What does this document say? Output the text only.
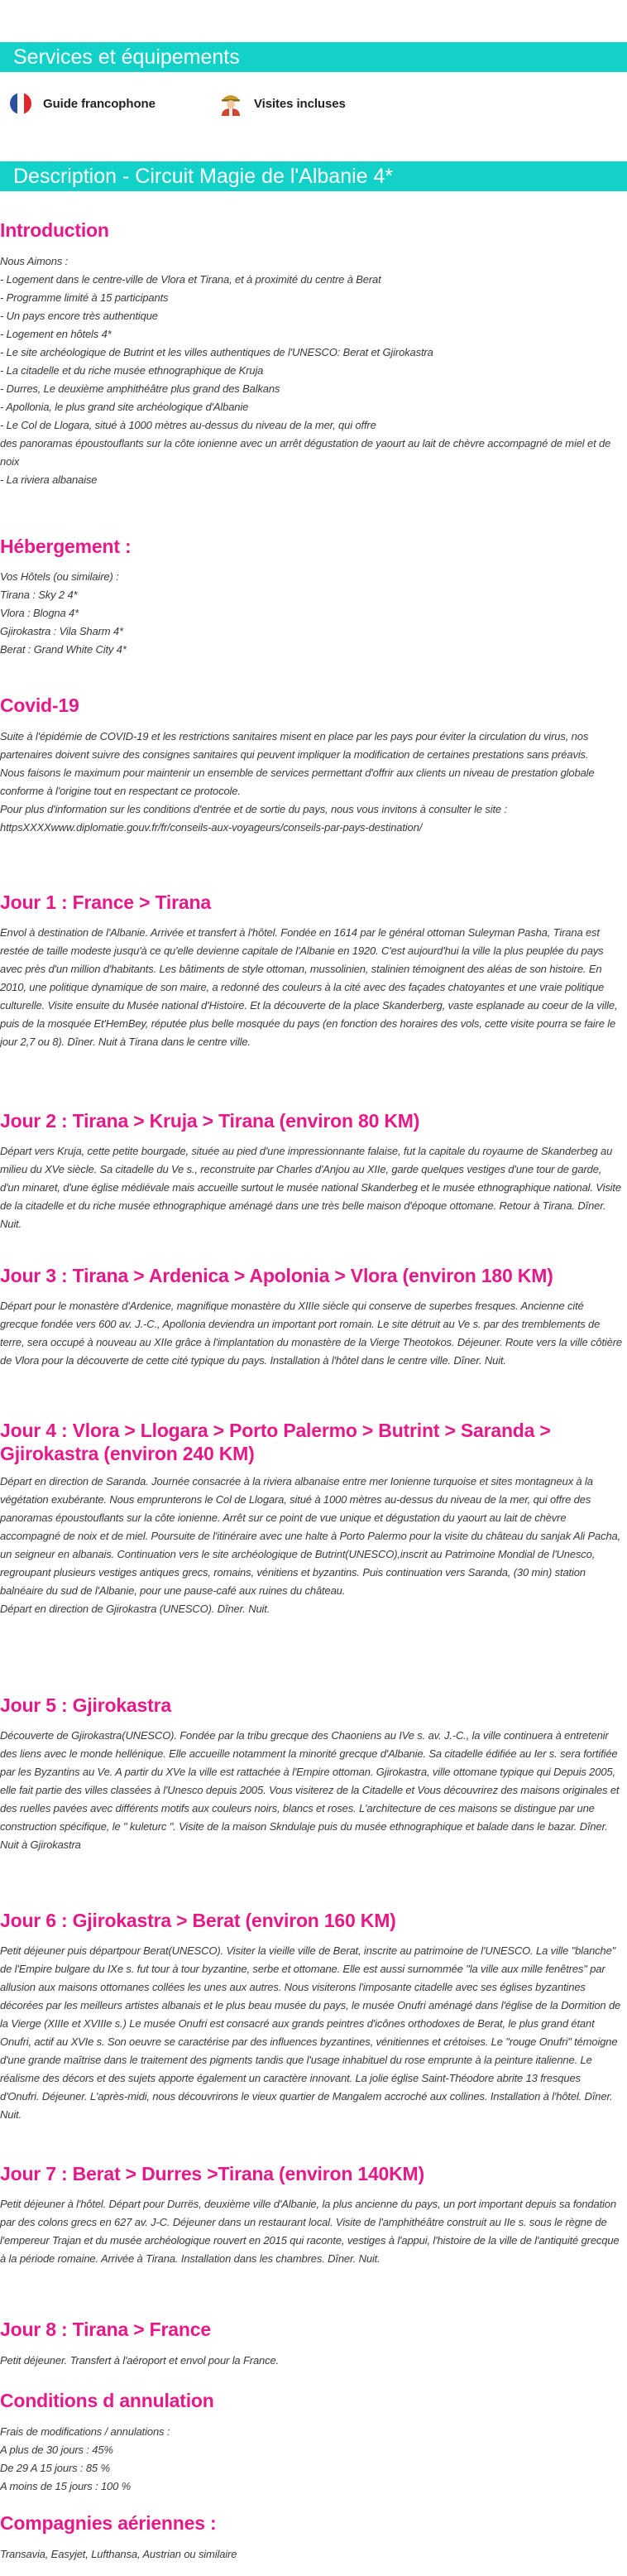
Services et équipements
Guide francophone	Visites incluses
Description - Circuit Magie de l'Albanie 4*
Introduction

Nous Aimons :

- Logement dans le centre-ville de Vlora et Tirana, et à proximité du centre à Berat

- Programme limité à 15 participants

- Un pays encore très authentique

- Logement en hôtels 4*

- Le site archéologique de Butrint et les villes authentiques de l'UNESCO: Berat et Gjirokastra

- La citadelle et du riche musée ethnographique de Kruja

- Durres, Le deuxième amphithéâtre plus grand des Balkans

- Apollonia, le plus grand site archéologique d'Albanie

- Le Col de Llogara, situé à 1000 mètres au-dessus du niveau de la mer, qui offre

des panoramas époustouflants sur la côte ionienne avec un arrêt dégustation de yaourt au lait de chèvre accompagné de miel et de noix

- La riviera albanaise

Hébergement :

Vos Hôtels (ou similaire) :

Tirana : Sky 2 4*

Vlora : Blogna 4*

Gjirokastra : Vila Sharm 4*

Berat : Grand White City 4*

Covid-19

Suite à l'épidémie de COVID-19 et les restrictions sanitaires misent en place par les pays pour éviter la circulation du virus, nos partenaires doivent suivre des consignes sanitaires qui peuvent impliquer la modification de certaines prestations sans préavis.

Nous faisons le maximum pour maintenir un ensemble de services permettant d'offrir aux clients un niveau de prestation globale conforme à l'origine tout en respectant ce protocole.

Pour plus d'information sur les conditions d'entrée et de sortie du pays, nous vous invitons à consulter le site : httpsXXXXwww.diplomatie.gouv.fr/fr/conseils-aux-voyageurs/conseils-par-pays-destination/

Jour 1 : France > Tirana

Envol à destination de l'Albanie. Arrivée et transfert à l'hôtel. Fondée en 1614 par le général ottoman Suleyman Pasha, Tirana est restée de taille modeste jusqu'à ce qu'elle devienne capitale de l'Albanie en 1920. C'est aujourd'hui la ville la plus peuplée du pays avec près d'un million d'habitants. Les bâtiments de style ottoman, mussolinien, stalinien témoignent des aléas de son histoire. En 2010, une politique dynamique de son maire, a redonné des couleurs à la cité avec des façades chatoyantes et une vraie politique culturelle. Visite ensuite du Musée national d'Histoire. Et la découverte de la place Skanderberg, vaste esplanade au coeur de la ville, puis de la mosquée Et'HemBey, réputée plus belle mosquée du pays (en fonction des horaires des vols, cette visite pourra se faire le jour 2,7 ou 8). Dîner. Nuit à Tirana dans le centre ville.

Jour 2 : Tirana > Kruja > Tirana (environ 80 KM)

Départ vers Kruja, cette petite bourgade, située au pied d'une impressionnante falaise, fut la capitale du royaume de Skanderbeg au milieu du XVe siècle. Sa citadelle du Ve s., reconstruite par Charles d'Anjou au XIIe, garde quelques vestiges d'une tour de garde, d'un minaret, d'une église médiévale mais accueille surtout le musée national Skanderbeg et le musée ethnographique national. Visite de la citadelle et du riche musée ethnographique aménagé dans une très belle maison d'époque ottomane. Retour à Tirana. Dîner. Nuit.

Jour 3 : Tirana > Ardenica > Apolonia > Vlora (environ 180 KM)

Départ pour le monastère d'Ardenice, magnifique monastère du XIIIe siècle qui conserve de superbes fresques. Ancienne cité grecque fondée vers 600 av. J.-C., Apollonia deviendra un important port romain. Le site détruit au Ve s. par des tremblements de terre, sera occupé à nouveau au XIIe grâce à l'implantation du monastère de la Vierge Theotokos. Déjeuner. Route vers la ville côtière de Vlora pour la découverte de cette cité typique du pays. Installation à l'hôtel dans le centre ville. Dîner. Nuit.

Jour 4 : Vlora > Llogara > Porto Palermo > Butrint > Saranda > Gjirokastra (environ 240 KM)

Départ en direction de Saranda. Journée consacrée à la riviera albanaise entre mer Ionienne turquoise et sites montagneux à la végétation exubérante. Nous emprunterons le Col de Llogara, situé à 1000 mètres au-dessus du niveau de la mer, qui offre des panoramas époustouflants sur la côte ionienne. Arrêt sur ce point de vue unique et dégustation du yaourt au lait de chèvre accompagné de noix et de miel. Poursuite de l'itinéraire avec une halte à Porto Palermo pour la visite du château du sanjak Ali Pacha, un seigneur en albanais. Continuation vers le site archéologique de Butrint(UNESCO),inscrit au Patrimoine Mondial de l'Unesco, regroupant plusieurs vestiges antiques grecs, romains, vénitiens et byzantins. Puis continuation vers Saranda, (30 min) station balnéaire du sud de l'Albanie, pour une pause-café aux ruines du château.

Départ en direction de Gjirokastra (UNESCO). Dîner. Nuit.

Jour 5 : Gjirokastra

Découverte de Gjirokastra(UNESCO). Fondée par la tribu grecque des Chaoniens au IVe s. av. J.-C., la ville continuera à entretenir des liens avec le monde hellénique. Elle accueille notamment la minorité grecque d'Albanie. Sa citadelle édifiée au Ier s. sera fortifiée par les Byzantins au Ve. A partir du XVe la ville est rattachée à l'Empire ottoman. Gjirokastra, ville ottomane typique qui Depuis 2005, elle fait partie des villes classées à l'Unesco depuis 2005. Vous visiterez de la Citadelle et Vous découvrirez des maisons originales et des ruelles pavées avec différents motifs aux couleurs noirs, blancs et roses. L'architecture de ces maisons se distingue par une construction spécifique, le " kuleturc ". Visite de la maison Skndulaje puis du musée ethnographique et balade dans le bazar. Dîner. Nuit à Gjirokastra

Jour 6 : Gjirokastra > Berat (environ 160 KM)

Petit déjeuner puis départpour Berat(UNESCO). Visiter la vieille ville de Berat, inscrite au patrimoine de l'UNESCO. La ville "blanche" de l'Empire bulgare du IXe s. fut tour à tour byzantine, serbe et ottomane. Elle est aussi surnommée "la ville aux mille fenêtres" par allusion aux maisons ottomanes collées les unes aux autres. Nous visiterons l'imposante citadelle avec ses églises byzantines décorées par les meilleurs artistes albanais et le plus beau musée du pays, le musée Onufri aménagé dans l'église de la Dormition de la Vierge (XIIIe et XVIIIe s.) Le musée Onufri est consacré aux grands peintres d'icônes orthodoxes de Berat, le plus grand étant Onufri, actif au XVIe s. Son oeuvre se caractérise par des influences byzantines, vénitiennes et crétoises. Le "rouge Onufri" témoigne d'une grande maîtrise dans le traitement des pigments tandis que l'usage inhabituel du rose emprunte à la peinture italienne. Le réalisme des décors et des sujets apporte également un caractère innovant. La jolie église Saint-Théodore abrite 13 fresques d'Onufri. Déjeuner. L'après-midi, nous découvrirons le vieux quartier de Mangalem accroché aux collines. Installation à l'hôtel. Dîner. Nuit.

Jour 7 : Berat > Durres >Tirana (environ 140KM)

Petit déjeuner à l'hôtel. Départ pour Durrës, deuxième ville d'Albanie, la plus ancienne du pays, un port important depuis sa fondation par des colons grecs en 627 av. J-C. Déjeuner dans un restaurant local. Visite de l'amphithéâtre construit au IIe s. sous le règne de l'empereur Trajan et du musée archéologique rouvert en 2015 qui raconte, vestiges à l'appui, l'histoire de la ville de l'antiquité grecque à la période romaine. Arrivée à Tirana. Installation dans les chambres. Dîner. Nuit.

Jour 8 : Tirana > France

Petit déjeuner. Transfert à l'aéroport et envol pour la France.

Conditions d annulation

Frais de modifications / annulations :

A plus de 30 jours : 45%

De 29 A 15 jours : 85 %

A moins de 15 jours : 100 %

Compagnies aériennes :

Transavia, Easyjet, Lufthansa, Austrian ou similaire
